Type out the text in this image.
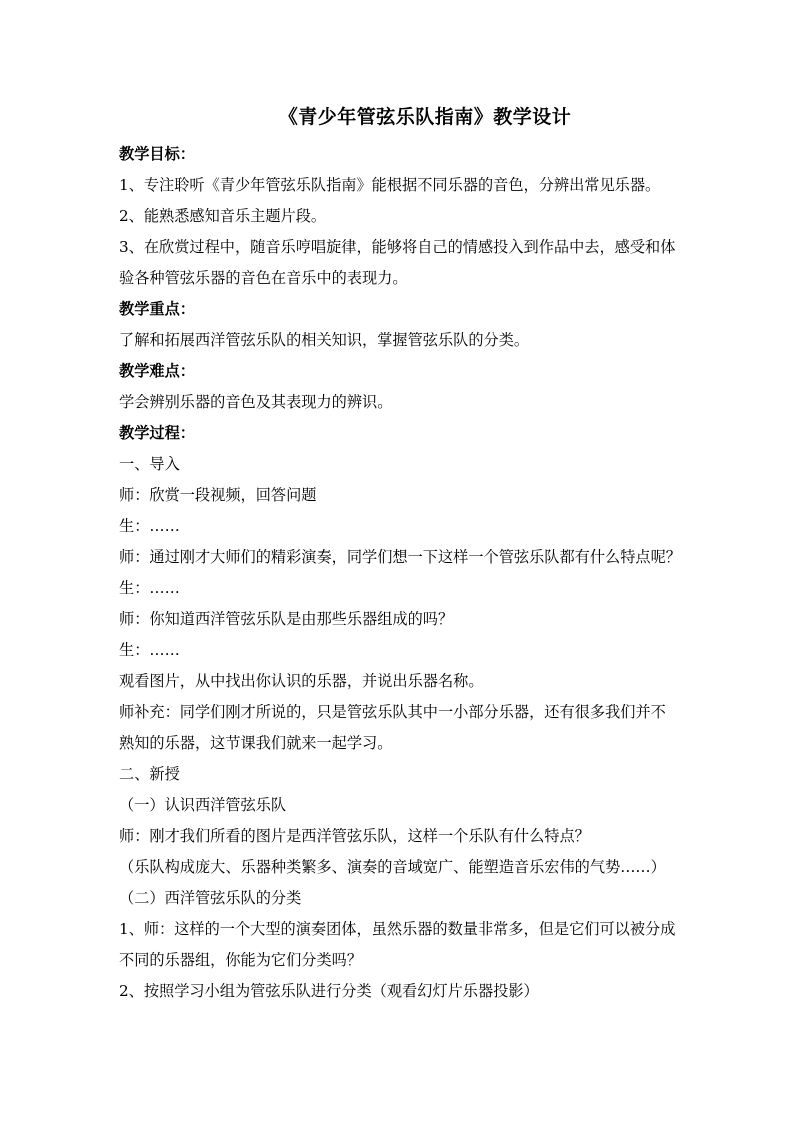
《青少年管弦乐队指南》教学设计
教学目标：
1、专注聆听《青少年管弦乐队指南》能根据不同乐器的音色，分辨出常见乐器。
2、能熟悉感知音乐主题片段。
3、在欣赏过程中，随音乐哼唱旋律，能够将自己的情感投入到作品中去，感受和体
验各种管弦乐器的音色在音乐中的表现力。
教学重点：
了解和拓展西洋管弦乐队的相关知识，掌握管弦乐队的分类。
教学难点：
学会辨别乐器的音色及其表现力的辨识。
教学过程：
一、导入
师：欣赏一段视频，回答问题
生：……
师：通过刚才大师们的精彩演奏，同学们想一下这样一个管弦乐队都有什么特点呢？
生：……
师：你知道西洋管弦乐队是由那些乐器组成的吗？
生：……
观看图片，从中找出你认识的乐器，并说出乐器名称。
师补充：同学们刚才所说的，只是管弦乐队其中一小部分乐器，还有很多我们并不
熟知的乐器，这节课我们就来一起学习。
二、新授
（一）认识西洋管弦乐队
师：刚才我们所看的图片是西洋管弦乐队，这样一个乐队有什么特点？
（乐队构成庞大、乐器种类繁多、演奏的音域宽广、能塑造音乐宏伟的气势……）
（二）西洋管弦乐队的分类
1、师：这样的一个大型的演奏团体，虽然乐器的数量非常多，但是它们可以被分成
不同的乐器组，你能为它们分类吗？
2、按照学习小组为管弦乐队进行分类（观看幻灯片乐器投影）
